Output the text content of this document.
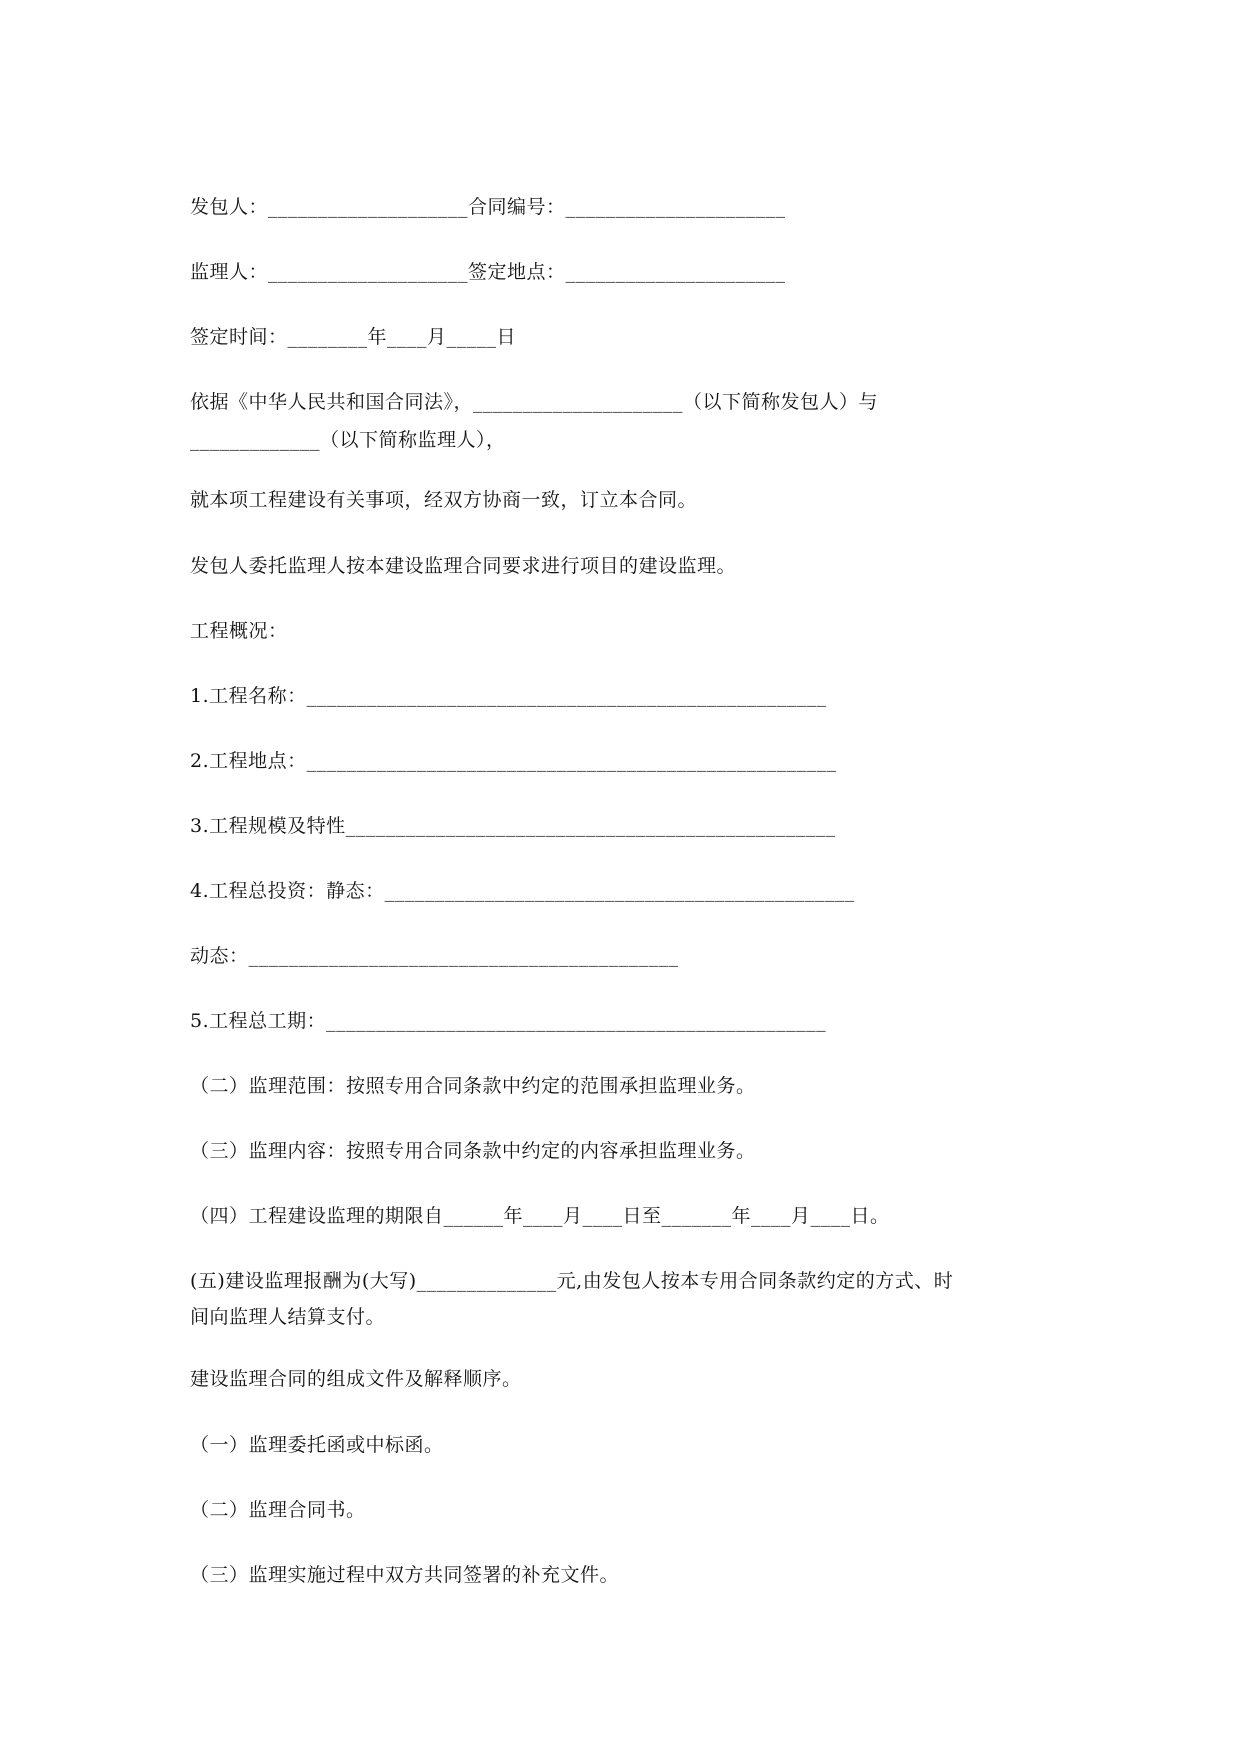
发包人：____________________合同编号：______________________
监理人：____________________签定地点：______________________
签定时间：________年____月_____日
依据《中华人民共和国合同法》，_____________________（以下简称发包人）与
_____________（以下简称监理人），
就本项工程建设有关事项，经双方协商一致，订立本合同。
发包人委托监理人按本建设监理合同要求进行项目的建设监理。
工程概况：
1.工程名称：____________________________________________________
2.工程地点：_____________________________________________________
3.工程规模及特性_________________________________________________
4.工程总投资：静态：_______________________________________________
动态：___________________________________________
5.工程总工期：__________________________________________________
（二）监理范围：按照专用合同条款中约定的范围承担监理业务。
（三）监理内容：按照专用合同条款中约定的内容承担监理业务。
（四）工程建设监理的期限自______年____月____日至_______年____月____日。
(五)建设监理报酬为(大写)______________元,由发包人按本专用合同条款约定的方式、时
间向监理人结算支付。
建设监理合同的组成文件及解释顺序。
（一）监理委托函或中标函。
（二）监理合同书。
（三）监理实施过程中双方共同签署的补充文件。
